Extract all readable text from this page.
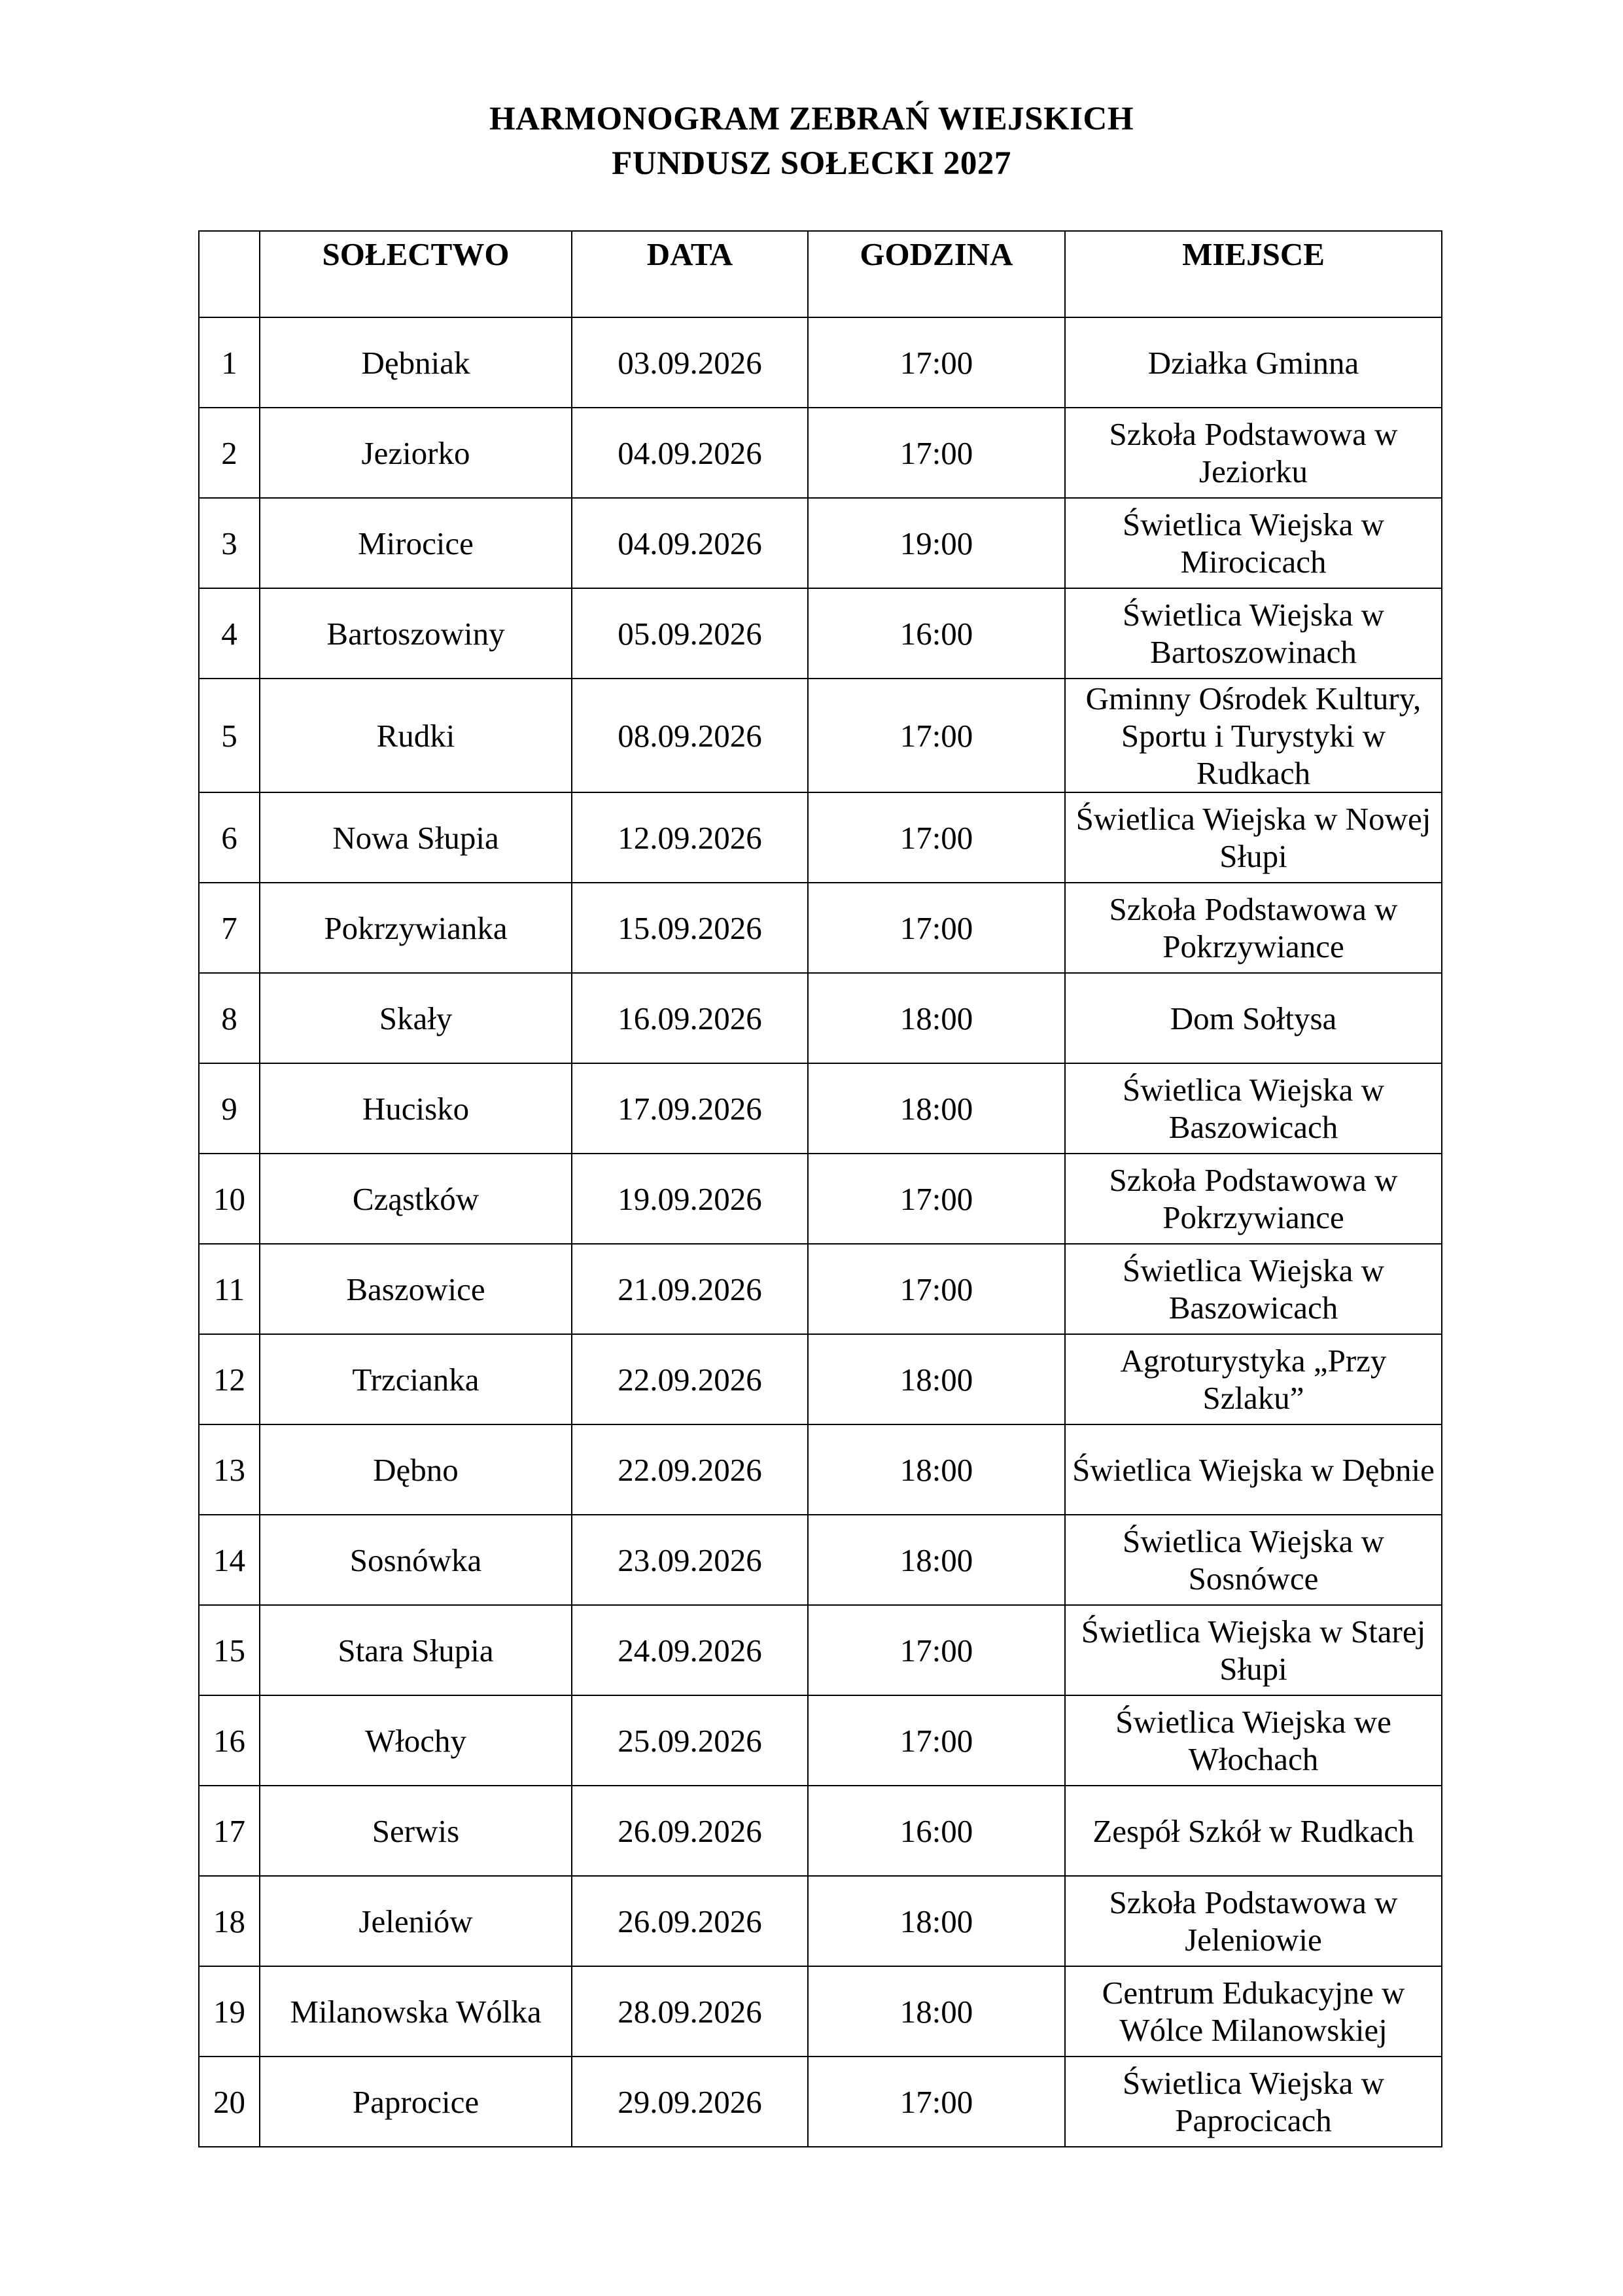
HARMONOGRAM ZEBRAŃ WIEJSKICH
FUNDUSZ SOŁECKI 2027
	SOŁECTWO	DATA	GODZINA	MIEJSCE
1	Dębniak	03.09.2026	17:00	Działka Gminna
2	Jeziorko	04.09.2026	17:00	Szkoła Podstawowa w Jeziorku
3	Mirocice	04.09.2026	19:00	Świetlica Wiejska w Mirocicach
4	Bartoszowiny	05.09.2026	16:00	Świetlica Wiejska w Bartoszowinach
5	Rudki	08.09.2026	17:00	Gminny Ośrodek Kultury, Sportu i Turystyki w Rudkach
6	Nowa Słupia	12.09.2026	17:00	Świetlica Wiejska w Nowej Słupi
7	Pokrzywianka	15.09.2026	17:00	Szkoła Podstawowa w Pokrzywiance
8	Skały	16.09.2026	18:00	Dom Sołtysa
9	Hucisko	17.09.2026	18:00	Świetlica Wiejska w Baszowicach
10	Cząstków	19.09.2026	17:00	Szkoła Podstawowa w Pokrzywiance
11	Baszowice	21.09.2026	17:00	Świetlica Wiejska w Baszowicach
12	Trzcianka	22.09.2026	18:00	Agroturystyka „Przy Szlaku”
13	Dębno	22.09.2026	18:00	Świetlica Wiejska w Dębnie
14	Sosnówka	23.09.2026	18:00	Świetlica Wiejska w Sosnówce
15	Stara Słupia	24.09.2026	17:00	Świetlica Wiejska w Starej Słupi
16	Włochy	25.09.2026	17:00	Świetlica Wiejska we Włochach
17	Serwis	26.09.2026	16:00	Zespół Szkół w Rudkach
18	Jeleniów	26.09.2026	18:00	Szkoła Podstawowa w Jeleniowie
19	Milanowska Wólka	28.09.2026	18:00	Centrum Edukacyjne w Wólce Milanowskiej
20	Paprocice	29.09.2026	17:00	Świetlica Wiejska w Paprocicach
